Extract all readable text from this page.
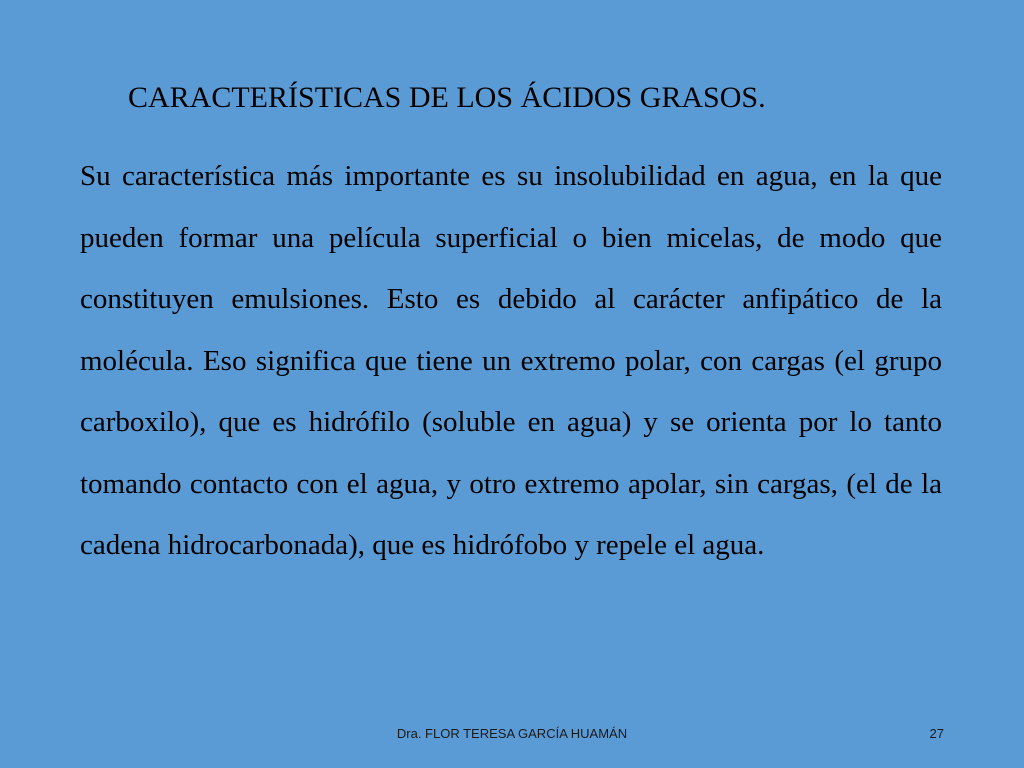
CARACTERÍSTICAS DE LOS ÁCIDOS GRASOS.

Su característica más importante es su insolubilidad en agua, en la que pueden formar una película superficial o bien micelas, de modo que constituyen emulsiones. Esto es debido al carácter anfipático de la molécula. Eso significa que tiene un extremo polar, con cargas (el grupo carboxilo), que es hidrófilo (soluble en agua) y se orienta por lo tanto tomando contacto con el agua, y otro extremo apolar, sin cargas, (el de la cadena hidrocarbonada), que es hidrófobo y repele el agua.

Dra. FLOR TERESA GARCÍA HUAMÁN	27
